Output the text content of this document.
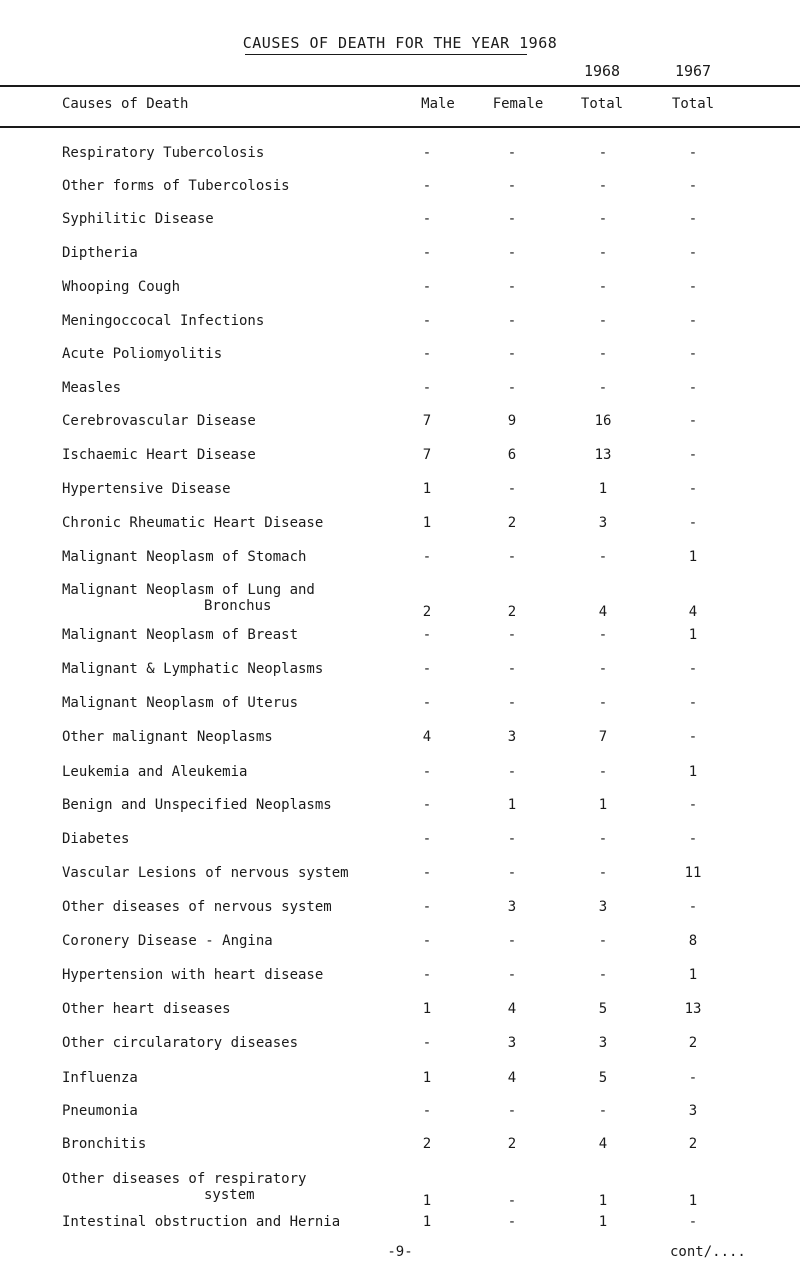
CAUSES OF DEATH FOR THE YEAR 1968
1968	1967
Causes of Death	Male	Female	Total	Total
Respiratory Tubercolosis	-	-	-	-
Other forms of Tubercolosis	-	-	-	-
Syphilitic Disease	-	-	-	-
Diptheria	-	-	-	-
Whooping Cough	-	-	-	-
Meningoccocal Infections	-	-	-	-
Acute Poliomyolitis	-	-	-	-
Measles	-	-	-	-
Cerebrovascular Disease	7	9	16	-
Ischaemic Heart Disease	7	6	13	-
Hypertensive Disease	1	-	1	-
Chronic Rheumatic Heart Disease	1	2	3	-
Malignant Neoplasm of Stomach	-	-	-	1
Malignant Neoplasm of Lung and

Bronchus	2	2	4	4
Malignant Neoplasm of Breast	-	-	-	1
Malignant & Lymphatic Neoplasms	-	-	-	-
Malignant Neoplasm of Uterus	-	-	-	-
Other malignant Neoplasms	4	3	7	-
Leukemia and Aleukemia	-	-	-	1
Benign and Unspecified Neoplasms	-	1	1	-
Diabetes	-	-	-	-
Vascular Lesions of nervous system	-	-	-	11
Other diseases of nervous system	-	3	3	-
Coronery Disease - Angina	-	-	-	8
Hypertension with heart disease	-	-	-	1
Other heart diseases	1	4	5	13
Other circularatory diseases	-	3	3	2
Influenza	1	4	5	-
Pneumonia	-	-	-	3
Bronchitis	2	2	4	2
Other diseases of respiratory

system	1	-	1	1
Intestinal obstruction and Hernia	1	-	1	-
-9-	cont/....
